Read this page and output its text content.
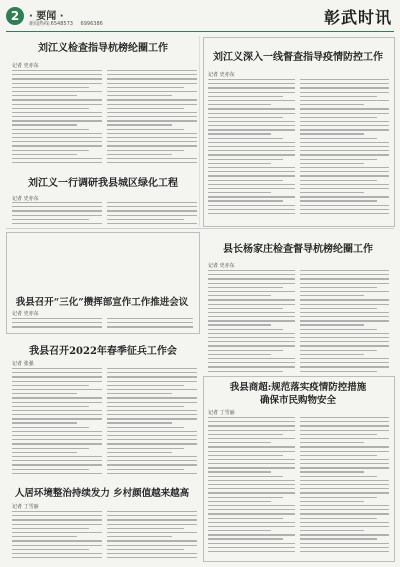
2 · 要闻 ·
新闻热线:6548573 6996386	彰武时讯
刘江义检查指导杭榜纶圈工作
记者 史亦东
刘江义深入一线督查指导疫情防控工作
记者 史亦东
刘江义一行调研我县城区绿化工程
记者 史亦东
县长杨家庄检查督导杭榜纶圈工作
记者 史亦东
我县召开“三化”攒挥部宣作工作推进会议
记者 史亦东
我县召开2022年春季征兵工作会
记者 张强
我县商超:规范落实疫情防控措施
确保市民购物安全
记者 丁雪丽
人居环境整治持续发力 乡村颜值越来越高
记者 丁雪丽
